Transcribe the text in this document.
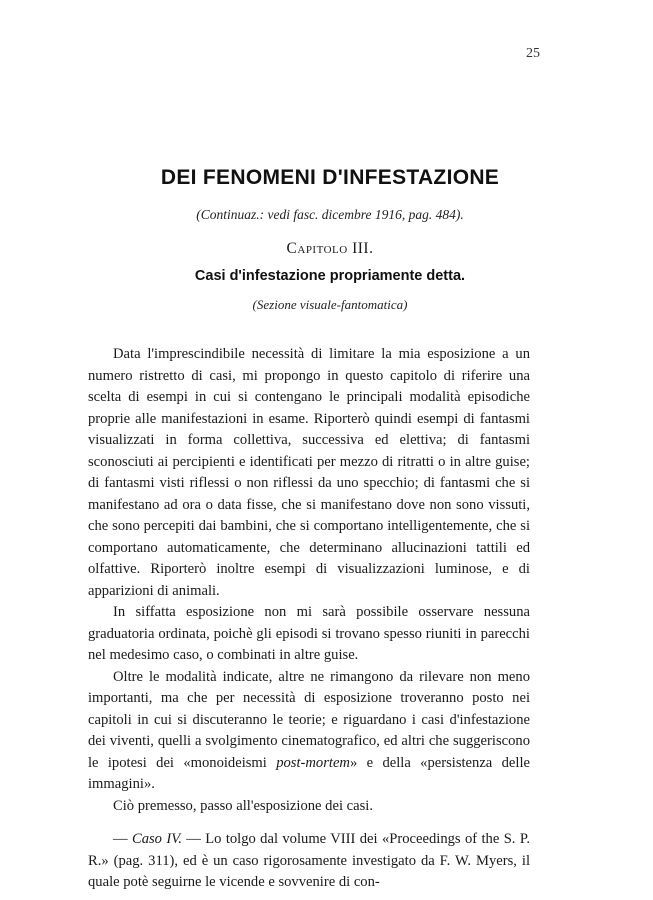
25
DEI FENOMENI D'INFESTAZIONE
(Continuaz.: vedi fasc. dicembre 1916, pag. 484).
Capitolo III.
Casi d'infestazione propriamente detta.
(Sezione visuale-fantomatica)

Data l'imprescindibile necessità di limitare la mia esposizione a un numero ristretto di casi, mi propongo in questo capitolo di riferire una scelta di esempi in cui si contengano le principali modalità episodiche proprie alle manifestazioni in esame. Riporterò quindi esempi di fantasmi visualizzati in forma collettiva, successiva ed elettiva; di fantasmi sconosciuti ai percipienti e identificati per mezzo di ritratti o in altre guise; di fantasmi visti riflessi o non riflessi da uno specchio; di fantasmi che si manifestano ad ora o data fisse, che si manifestano dove non sono vissuti, che sono percepiti dai bambini, che si comportano intelligentemente, che si comportano automaticamente, che determinano allucinazioni tattili ed olfattive. Riporterò inoltre esempi di visualizzazioni luminose, e di apparizioni di animali.

In siffatta esposizione non mi sarà possibile osservare nessuna graduatoria ordinata, poichè gli episodi si trovano spesso riuniti in parecchi nel medesimo caso, o combinati in altre guise.

Oltre le modalità indicate, altre ne rimangono da rilevare non meno importanti, ma che per necessità di esposizione troveranno posto nei capitoli in cui si discuteranno le teorie; e riguardano i casi d'infestazione dei viventi, quelli a svolgimento cinematografico, ed altri che suggeriscono le ipotesi dei «monoideismi post-mortem» e della «persistenza delle immagini».

Ciò premesso, passo all'esposizione dei casi.

— Caso IV. — Lo tolgo dal volume VIII dei «Proceedings of the S. P. R.» (pag. 311), ed è un caso rigorosamente investigato da F. W. Myers, il quale potè seguirne le vicende e sovvenire di con-
